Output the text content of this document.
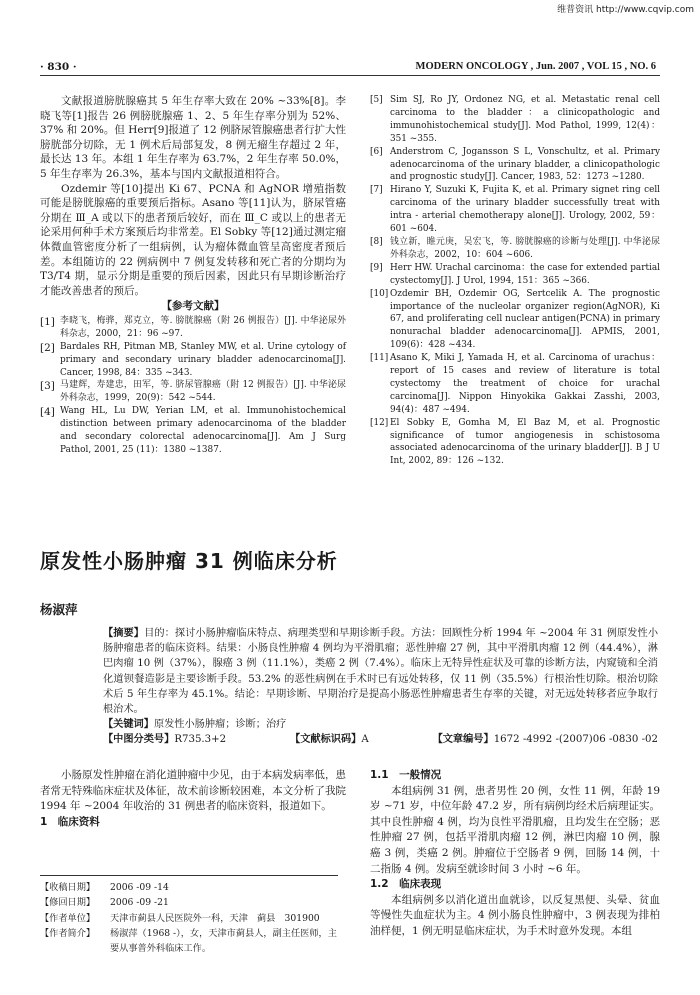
维普资讯 http://www.cqvip.com
· 830 ·	MODERN ONCOLOGY , Jun. 2007 , VOL 15 , NO. 6

文献报道膀胱腺癌其 5 年生存率大致在 20% ~33%[8]。李晓飞等[1]报告 26 例膀胱腺癌 1、2、5 年生存率分别为 52%、37% 和 20%。但 Herr[9]报道了 12 例脐尿管腺癌患者行扩大性膀胱部分切除，无 1 例术后局部复发，8 例无瘤生存超过 2 年，最长达 13 年。本组 1 年生存率为 63.7%，2 年生存率 50.0%，5 年生存率为 26.3%，基本与国内文献报道相符合。

Ozdemir 等[10]提出 Ki 67、PCNA 和 AgNOR 增殖指数可能是膀胱腺癌的重要预后指标。Asano 等[11]认为，脐尿管癌分期在 Ⅲ_A 或以下的患者预后较好，而在 Ⅲ_C 或以上的患者无论采用何种手术方案预后均非常差。El Sobky 等[12]通过测定瘤体微血管密度分析了一组病例，认为瘤体微血管呈高密度者预后差。本组随访的 22 例病例中 7 例复发转移和死亡者的分期均为 T3/T4 期，显示分期是重要的预后因素，因此只有早期诊断治疗才能改善患者的预后。

【参考文献】
[1] 李晓飞，梅骅，郑克立，等. 膀胱腺癌（附 26 例报告）[J]. 中华泌尿外科杂志，2000，21：96 ~97.
[2] Bardales RH, Pitman MB, Stanley MW, et al. Urine cytology of primary and secondary urinary bladder adenocarcinoma[J]. Cancer, 1998, 84：335 ~343.
[3] 马建辉，寿建忠，田军，等. 脐尿管腺癌（附 12 例报告）[J]. 中华泌尿外科杂志，1999，20(9)：542 ~544.
[4] Wang HL, Lu DW, Yerian LM, et al. Immunohistochemical distinction between primary adenocarcinoma of the bladder and secondary colorectal adenocarcinoma[J]. Am J Surg Pathol, 2001, 25 (11)：1380 ~1387.
[5] Sim SJ, Ro JY, Ordonez NG, et al. Metastatic renal cell carcinoma to the bladder：a clinicopathologic and immunohistochemical study[J]. Mod Pathol, 1999, 12(4)：351 ~355.
[6] Anderstrom C, Jogansson S L, Vonschultz, et al. Primary adenocarcinoma of the urinary bladder, a clinicopathologic and prognostic study[J]. Cancer, 1983, 52：1273 ~1280.
[7] Hirano Y, Suzuki K, Fujita K, et al. Primary signet ring cell carcinoma of the urinary bladder successfully treat with intra - arterial chemotherapy alone[J]. Urology, 2002, 59：601 ~604.
[8] 钱立新，睢元庚，吴宏飞，等. 膀胱腺癌的诊断与处理[J]. 中华泌尿外科杂志，2002，10：604 ~606.
[9] Herr HW. Urachal carcinoma：the case for extended partial cystectomy[J]. J Urol, 1994, 151：365 ~366.
[10] Ozdemir BH, Ozdemir OG, Sertcelik A. The prognostic importance of the nucleolar organizer region(AgNOR), Ki 67, and proliferating cell nuclear antigen(PCNA) in primary nonurachal bladder adenocarcinoma[J]. APMIS, 2001, 109(6)：428 ~434.
[11] Asano K, Miki J, Yamada H, et al. Carcinoma of urachus：report of 15 cases and review of literature is total cystectomy the treatment of choice for urachal carcinoma[J]. Nippon Hinyokika Gakkai Zasshi, 2003, 94(4)：487 ~494.
[12] El Sobky E, Gomha M, El Baz M, et al. Prognostic significance of tumor angiogenesis in schistosoma associated adenocarcinoma of the urinary bladder[J]. B J U Int, 2002, 89：126 ~132.
原发性小肠肿瘤 31 例临床分析
杨淑萍
【摘要】目的：探讨小肠肿瘤临床特点、病理类型和早期诊断手段。方法：回顾性分析 1994 年 ~2004 年 31 例原发性小肠肿瘤患者的临床资料。结果：小肠良性肿瘤 4 例均为平滑肌瘤；恶性肿瘤 27 例，其中平滑肌肉瘤 12 例（44.4%），淋巴肉瘤 10 例（37%），腺癌 3 例（11.1%），类癌 2 例（7.4%）。临床上无特异性症状及可靠的诊断方法，内窥镜和全消化道钡餐造影是主要诊断手段。53.2% 的恶性病例在手术时已有远处转移，仅 11 例（35.5%）行根治性切除。根治切除术后 5 年生存率为 45.1%。结论：早期诊断、早期治疗是提高小肠恶性肿瘤患者生存率的关键，对无远处转移者应争取行根治术。
【关键词】原发性小肠肿瘤；诊断；治疗
【中图分类号】R735.3+2	【文献标识码】A	【文章编号】1672 -4992 -(2007)06 -0830 -02

小肠原发性肿瘤在消化道肿瘤中少见，由于本病发病率低，患者常无特殊临床症状及体征，故术前诊断较困难，本文分析了我院 1994 年 ~2004 年收治的 31 例患者的临床资料，报道如下。

1　临床资料
【收稿日期】	2006 -09 -14
【修回日期】	2006 -09 -21
【作者单位】	天津市蓟县人民医院外一科，天津　蓟县　301900
【作者简介】	杨淑萍（1968 -），女，天津市蓟县人，副主任医师，主要从事普外科临床工作。
1.1　一般情况

本组病例 31 例，患者男性 20 例，女性 11 例，年龄 19 岁 ~71 岁，中位年龄 47.2 岁，所有病例均经术后病理证实。其中良性肿瘤 4 例，均为良性平滑肌瘤，且均发生在空肠；恶性肿瘤 27 例，包括平滑肌肉瘤 12 例，淋巴肉瘤 10 例，腺癌 3 例，类癌 2 例。肿瘤位于空肠者 9 例，回肠 14 例，十二指肠 4 例。发病至就诊时间 3 小时 ~6 年。

1.2　临床表现

本组病例多以消化道出血就诊，以反复黑便、头晕、贫血等慢性失血症状为主。4 例小肠良性肿瘤中，3 例表现为排柏油样便，1 例无明显临床症状，为手术时意外发现。本组
